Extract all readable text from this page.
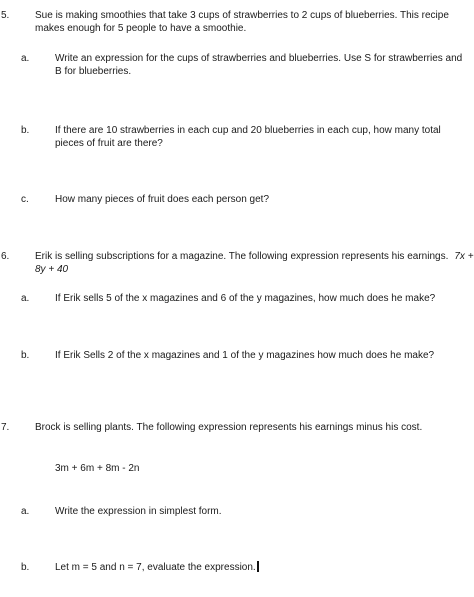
5.	Sue is making smoothies that take 3 cups of strawberries to 2 cups of blueberries. This recipe makes enough for 5 people to have a smoothie.
a.	Write an expression for the cups of strawberries and blueberries. Use S for strawberries and B for blueberries.
b.	If there are 10 strawberries in each cup and 20 blueberries in each cup, how many total pieces of fruit are there?
c.	How many pieces of fruit does each person get?
6.	Erik is selling subscriptions for a magazine. The following expression represents his earnings. 7x + 8y + 40
a.	If Erik sells 5 of the x magazines and 6 of the y magazines, how much does he make?
b.	If Erik Sells 2 of the x magazines and 1 of the y magazines how much does he make?
7.	Brock is selling plants. The following expression represents his earnings minus his cost.
3m + 6m + 8m - 2n
a.	Write the expression in simplest form.
b.	Let m = 5 and n = 7, evaluate the expression.
